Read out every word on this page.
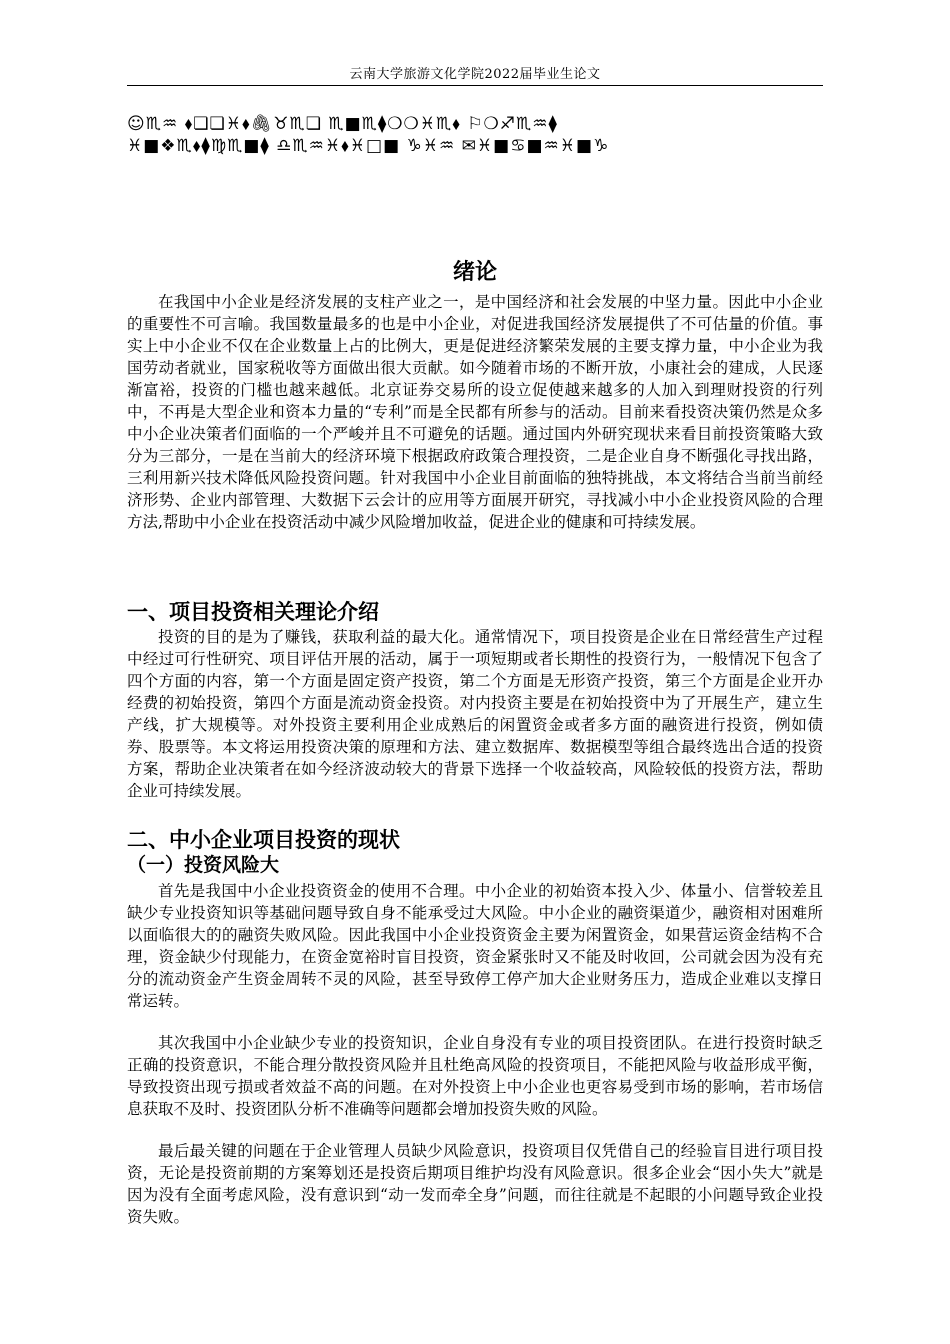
云南大学旅游文化学院2022届毕业生论文
☺︎♏︎♒︎ ⬧︎❏︎❏︎♓︎⬧︎🖇︎♉︎♏︎❏︎ ♏︎■︎♏︎⧫︎❍︎❍︎♓︎♏︎⬧︎ ⚐︎❍︎♐︎♏︎♒︎⧫︎
♓︎■︎❖︎♏︎⬧︎⧫︎♍︎♏︎■︎⧫︎ ♎︎♏︎♒︎♓︎⬧︎♓︎□︎■︎ ♑︎♓︎♒︎ ✉︎♓︎■︎♋︎■︎♒︎♓︎■︎♑︎
绪论

在我国中小企业是经济发展的支柱产业之一，是中国经济和社会发展的中坚力量。因此中小企业的重要性不可言喻。我国数量最多的也是中小企业，对促进我国经济发展提供了不可估量的价值。事实上中小企业不仅在企业数量上占的比例大，更是促进经济繁荣发展的主要支撑力量，中小企业为我国劳动者就业，国家税收等方面做出很大贡献。如今随着市场的不断开放，小康社会的建成，人民逐渐富裕，投资的门槛也越来越低。北京证券交易所的设立促使越来越多的人加入到理财投资的行列中，不再是大型企业和资本力量的“专利”而是全民都有所参与的活动。目前来看投资决策仍然是众多中小企业决策者们面临的一个严峻并且不可避免的话题。通过国内外研究现状来看目前投资策略大致分为三部分，一是在当前大的经济环境下根据政府政策合理投资，二是企业自身不断强化寻找出路，三利用新兴技术降低风险投资问题。针对我国中小企业目前面临的独特挑战，本文将结合当前当前经济形势、企业内部管理、大数据下云会计的应用等方面展开研究，寻找减小中小企业投资风险的合理方法,帮助中小企业在投资活动中减少风险增加收益，促进企业的健康和可持续发展。

一、项目投资相关理论介绍

投资的目的是为了赚钱，获取利益的最大化。通常情况下，项目投资是企业在日常经营生产过程中经过可行性研究、项目评估开展的活动，属于一项短期或者长期性的投资行为，一般情况下包含了四个方面的内容，第一个方面是固定资产投资，第二个方面是无形资产投资，第三个方面是企业开办经费的初始投资，第四个方面是流动资金投资。对内投资主要是在初始投资中为了开展生产，建立生产线，扩大规模等。对外投资主要利用企业成熟后的闲置资金或者多方面的融资进行投资，例如债券、股票等。本文将运用投资决策的原理和方法、建立数据库、数据模型等组合最终选出合适的投资方案，帮助企业决策者在如今经济波动较大的背景下选择一个收益较高，风险较低的投资方法，帮助企业可持续发展。

二、中小企业项目投资的现状
（一）投资风险大

首先是我国中小企业投资资金的使用不合理。中小企业的初始资本投入少、体量小、信誉较差且缺少专业投资知识等基础问题导致自身不能承受过大风险。中小企业的融资渠道少，融资相对困难所以面临很大的的融资失败风险。因此我国中小企业投资资金主要为闲置资金，如果营运资金结构不合理，资金缺少付现能力，在资金宽裕时盲目投资，资金紧张时又不能及时收回，公司就会因为没有充分的流动资金产生资金周转不灵的风险，甚至导致停工停产加大企业财务压力，造成企业难以支撑日常运转。

其次我国中小企业缺少专业的投资知识，企业自身没有专业的项目投资团队。在进行投资时缺乏正确的投资意识，不能合理分散投资风险并且杜绝高风险的投资项目，不能把风险与收益形成平衡，导致投资出现亏损或者效益不高的问题。在对外投资上中小企业也更容易受到市场的影响，若市场信息获取不及时、投资团队分析不准确等问题都会增加投资失败的风险。

最后最关键的问题在于企业管理人员缺少风险意识，投资项目仅凭借自己的经验盲目进行项目投资，无论是投资前期的方案筹划还是投资后期项目维护均没有风险意识。很多企业会“因小失大”就是因为没有全面考虑风险，没有意识到“动一发而牵全身”问题，而往往就是不起眼的小问题导致企业投资失败。
